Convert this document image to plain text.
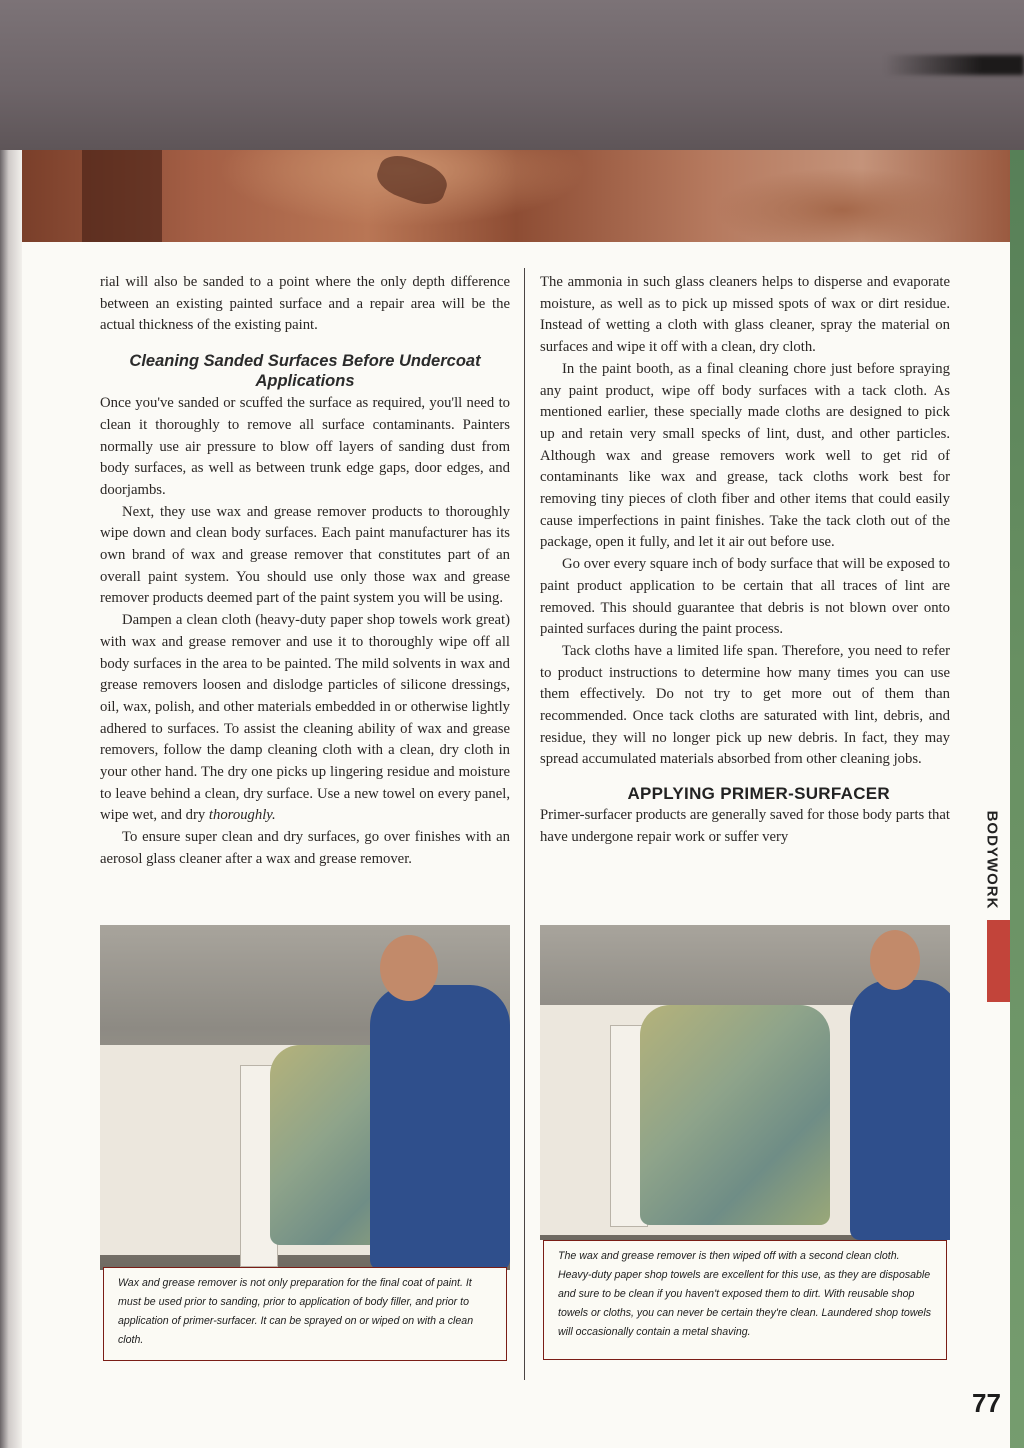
rial will also be sanded to a point where the only depth difference between an existing painted surface and a repair area will be the actual thickness of the existing paint.

Cleaning Sanded Surfaces Before Undercoat Applications

Once you've sanded or scuffed the surface as required, you'll need to clean it thoroughly to remove all surface contaminants. Painters normally use air pressure to blow off layers of sanding dust from body surfaces, as well as between trunk edge gaps, door edges, and doorjambs.

Next, they use wax and grease remover products to thoroughly wipe down and clean body surfaces. Each paint manufacturer has its own brand of wax and grease remover that constitutes part of an overall paint system. You should use only those wax and grease remover products deemed part of the paint system you will be using.

Dampen a clean cloth (heavy-duty paper shop towels work great) with wax and grease remover and use it to thoroughly wipe off all body surfaces in the area to be painted. The mild solvents in wax and grease removers loosen and dislodge particles of silicone dressings, oil, wax, polish, and other materials embedded in or otherwise lightly adhered to surfaces. To assist the cleaning ability of wax and grease removers, follow the damp cleaning cloth with a clean, dry cloth in your other hand. The dry one picks up lingering residue and moisture to leave behind a clean, dry surface. Use a new towel on every panel, wipe wet, and dry thoroughly.

To ensure super clean and dry surfaces, go over finishes with an aerosol glass cleaner after a wax and grease remover.

The ammonia in such glass cleaners helps to disperse and evaporate moisture, as well as to pick up missed spots of wax or dirt residue. Instead of wetting a cloth with glass cleaner, spray the material on surfaces and wipe it off with a clean, dry cloth.

In the paint booth, as a final cleaning chore just before spraying any paint product, wipe off body surfaces with a tack cloth. As mentioned earlier, these specially made cloths are designed to pick up and retain very small specks of lint, dust, and other particles. Although wax and grease removers work well to get rid of contaminants like wax and grease, tack cloths work best for removing tiny pieces of cloth fiber and other items that could easily cause imperfections in paint finishes. Take the tack cloth out of the package, open it fully, and let it air out before use.

Go over every square inch of body surface that will be exposed to paint product application to be certain that all traces of lint are removed. This should guarantee that debris is not blown over onto painted surfaces during the paint process.

Tack cloths have a limited life span. Therefore, you need to refer to product instructions to determine how many times you can use them effectively. Do not try to get more out of them than recommended. Once tack cloths are saturated with lint, debris, and residue, they will no longer pick up new debris. In fact, they may spread accumulated materials absorbed from other cleaning jobs.

APPLYING PRIMER-SURFACER

Primer-surfacer products are generally saved for those body parts that have undergone repair work or suffer very

Wax and grease remover is not only preparation for the final coat of paint. It must be used prior to sanding, prior to application of body filler, and prior to application of primer-surfacer. It can be sprayed on or wiped on with a clean cloth.
The wax and grease remover is then wiped off with a second clean cloth. Heavy-duty paper shop towels are excellent for this use, as they are disposable and sure to be clean if you haven't exposed them to dirt. With reusable shop towels or cloths, you can never be certain they're clean. Laundered shop towels will occasionally contain a metal shaving.
BODYWORK
77
